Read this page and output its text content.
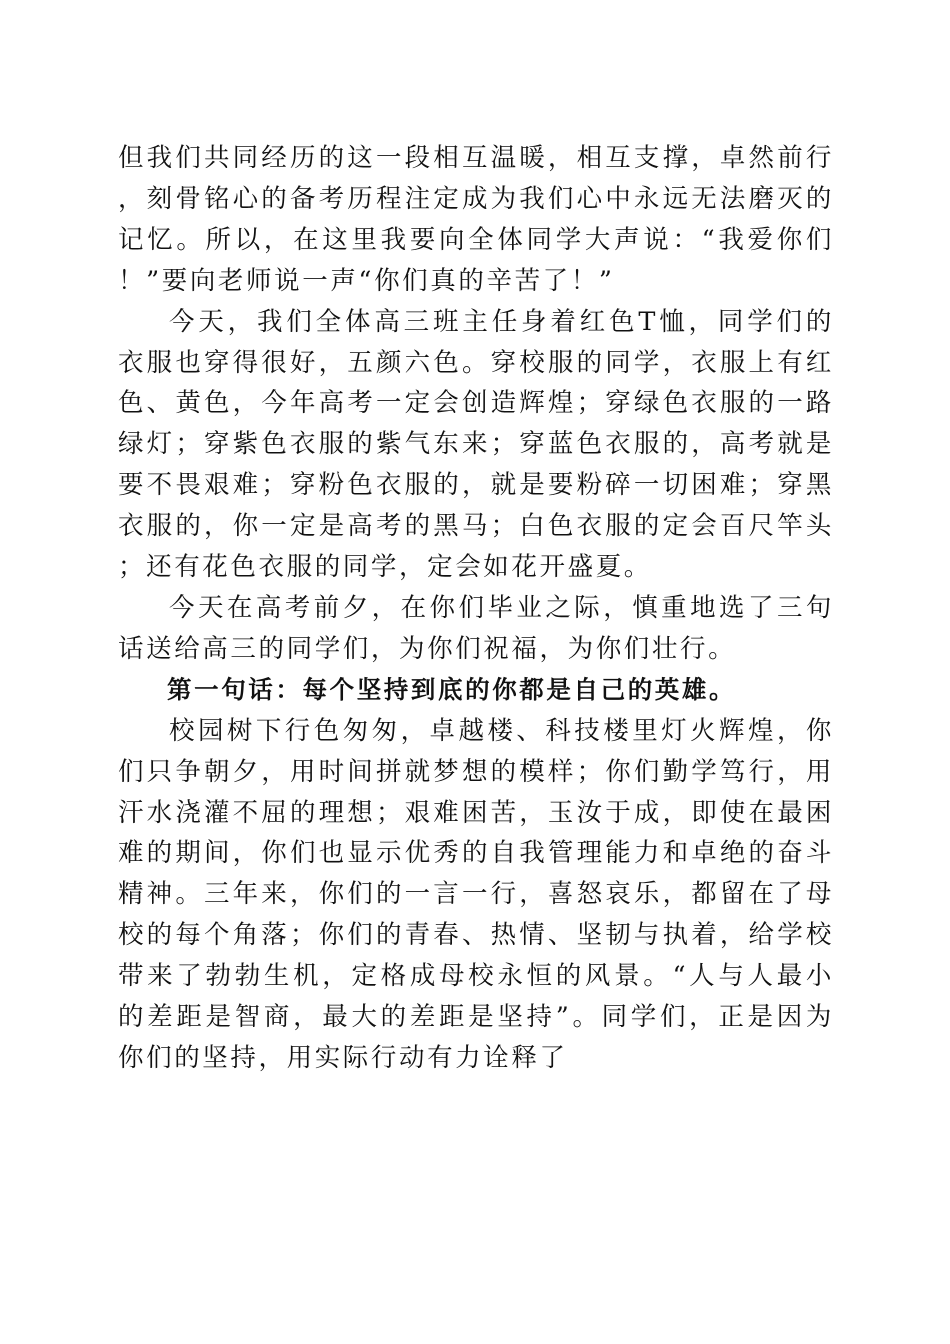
但我们共同经历的这一段相互温暖，相互支撑，卓然前行，刻骨铭心的备考历程注定成为我们心中永远无法磨灭的记忆。所以，在这里我要向全体同学大声说：“我爱你们！”要向老师说一声“你们真的辛苦了！”

今天，我们全体高三班主任身着红色T恤，同学们的衣服也穿得很好，五颜六色。穿校服的同学，衣服上有红色、黄色，今年高考一定会创造辉煌；穿绿色衣服的一路绿灯；穿紫色衣服的紫气东来；穿蓝色衣服的，高考就是要不畏艰难；穿粉色衣服的，就是要粉碎一切困难；穿黑衣服的，你一定是高考的黑马；白色衣服的定会百尺竿头；还有花色衣服的同学，定会如花开盛夏。

今天在高考前夕，在你们毕业之际，慎重地选了三句话送给高三的同学们，为你们祝福，为你们壮行。

第一句话：每个坚持到底的你都是自己的英雄。

校园树下行色匆匆，卓越楼、科技楼里灯火辉煌，你们只争朝夕，用时间拼就梦想的模样；你们勤学笃行，用汗水浇灌不屈的理想；艰难困苦，玉汝于成，即使在最困难的期间，你们也显示优秀的自我管理能力和卓绝的奋斗精神。三年来，你们的一言一行，喜怒哀乐，都留在了母校的每个角落；你们的青春、热情、坚韧与执着，给学校带来了勃勃生机，定格成母校永恒的风景。“人与人最小的差距是智商，最大的差距是坚持”。同学们，正是因为你们的坚持，用实际行动有力诠释了
